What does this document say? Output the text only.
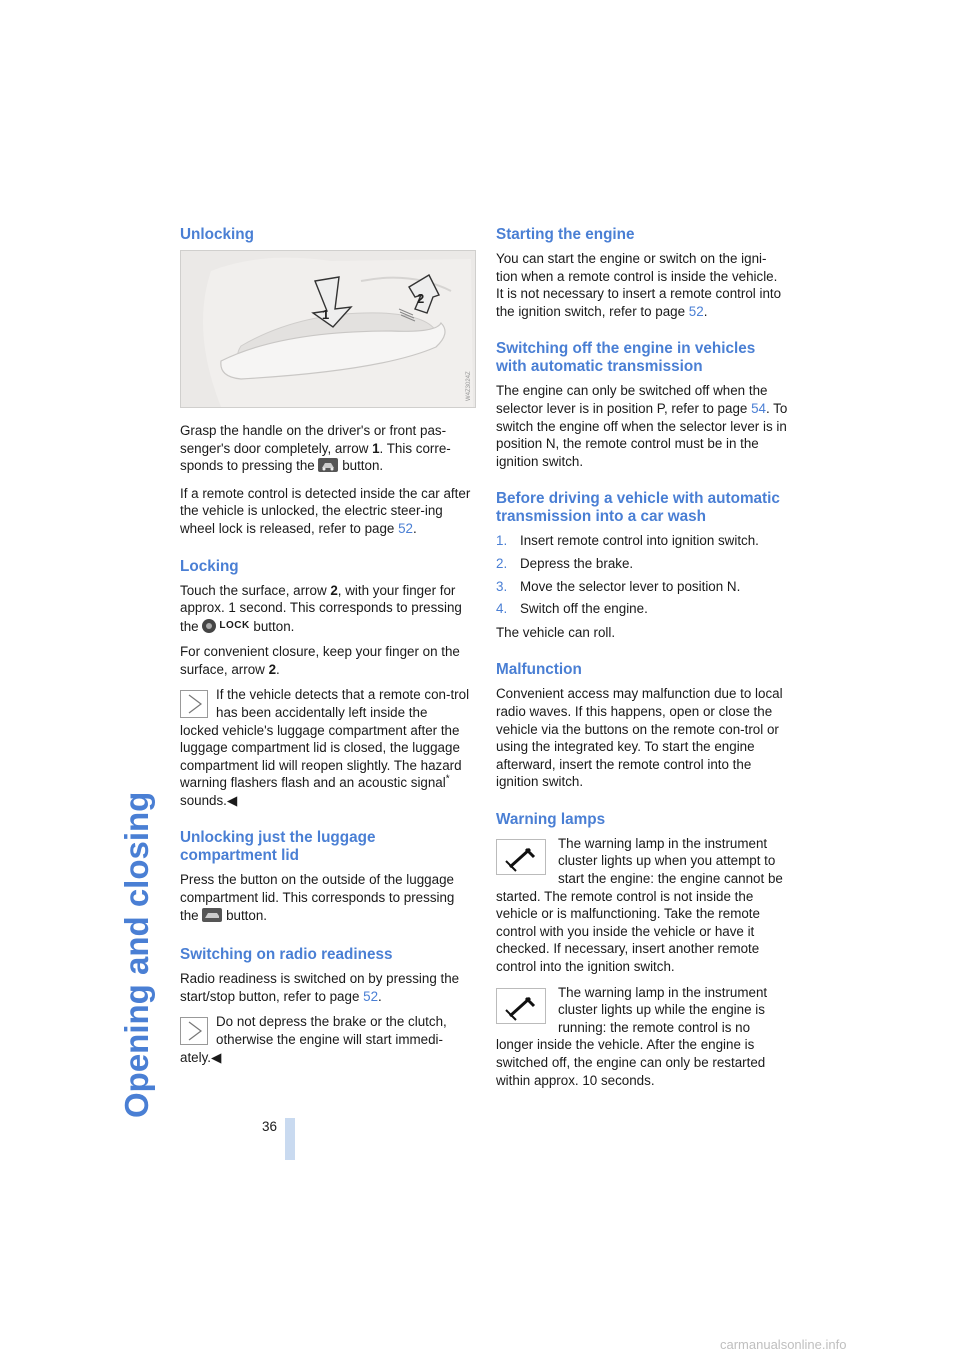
Opening and closing
Unlocking
1
2
W4Z3024Z

Grasp the handle on the driver's or front pas-senger's door completely, arrow 1. This corre-sponds to pressing the  button.

If a remote control is detected inside the car after the vehicle is unlocked, the electric steer-ing wheel lock is released, refer to page 52.

Locking

Touch the surface, arrow 2, with your finger for approx. 1 second. This corresponds to pressing the LOCK button.

For convenient closure, keep your finger on the surface, arrow 2.

If the vehicle detects that a remote con-trol has been accidentally left inside the
locked vehicle's luggage compartment after the luggage compartment lid is closed, the luggage compartment lid will reopen slightly. The hazard warning flashers flash and an acoustic signal*
sounds.◀

Unlocking just the luggage compartment lid

Press the button on the outside of the luggage compartment lid. This corresponds to pressing the  button.

Switching on radio readiness

Radio readiness is switched on by pressing the start/stop button, refer to page 52.

Do not depress the brake or the clutch, otherwise the engine will start immedi-
ately.◀

Starting the engine

You can start the engine or switch on the igni-tion when a remote control is inside the vehicle. It is not necessary to insert a remote control into the ignition switch, refer to page 52.

Switching off the engine in vehicles with automatic transmission

The engine can only be switched off when the selector lever is in position P, refer to page 54. To switch the engine off when the selector lever is in position N, the remote control must be in the ignition switch.

Before driving a vehicle with automatic transmission into a car wash
1. Insert remote control into ignition switch.
2. Depress the brake.
3. Move the selector lever to position N.
4. Switch off the engine.

The vehicle can roll.

Malfunction

Convenient access may malfunction due to local radio waves. If this happens, open or close the vehicle via the buttons on the remote con-trol or using the integrated key. To start the engine afterward, insert the remote control into the ignition switch.

Warning lamps

The warning lamp in the instrument cluster lights up when you attempt to start the engine: the engine cannot be started. The remote control is not inside the vehicle or is malfunctioning. Take the remote control with you inside the vehicle or have it checked. If necessary, insert another remote control into the ignition switch.

The warning lamp in the instrument cluster lights up while the engine is running: the remote control is no longer inside the vehicle. After the engine is switched off, the engine can only be restarted within approx. 10 seconds.

36
carmanualsonline.info
